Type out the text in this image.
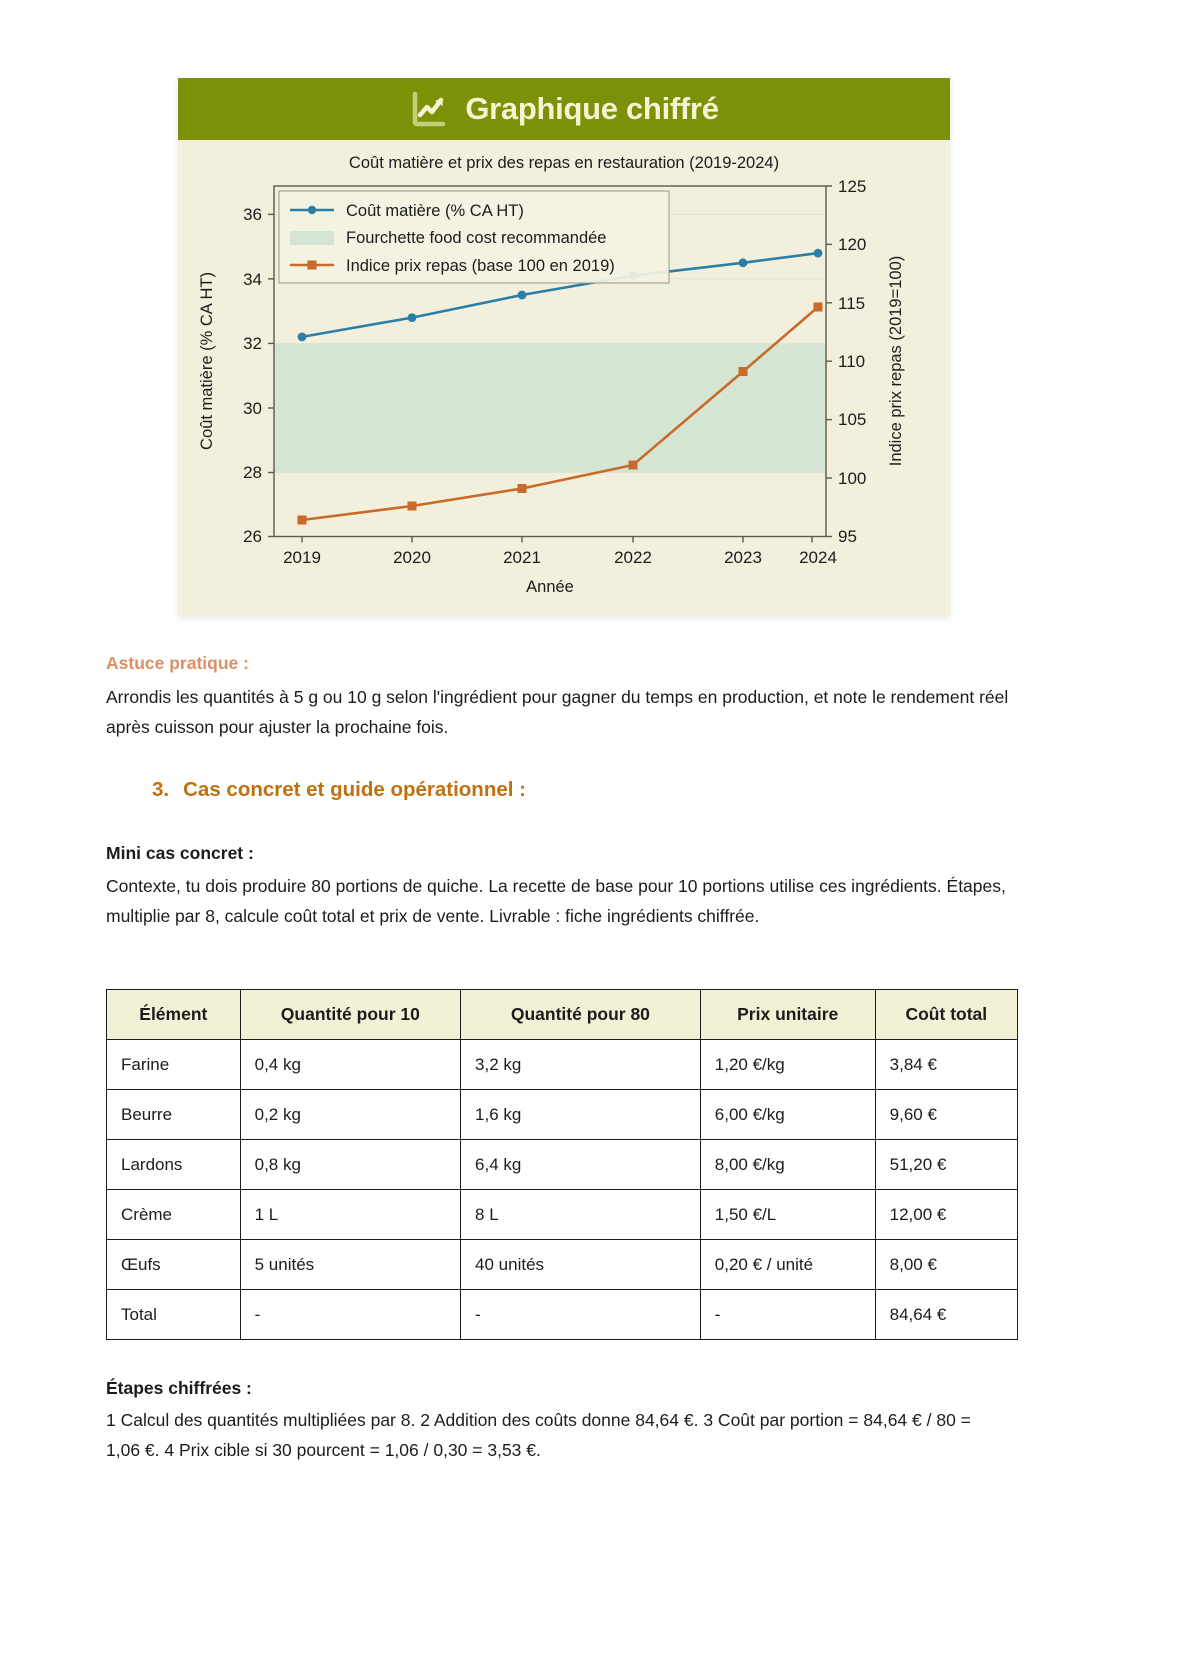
Graphique chiffré
Coût matière et prix des repas en restauration (2019-2024)
26
28
30
32
34
36
Coût matière (% CA HT)
95
100
105
110
115
120
125
Indice prix repas (2019=100)
2019	2020	2021	2022	2023 2024
Année
Coût matière (% CA HT)
Fourchette food cost recommandée
Indice prix repas (base 100 en 2019)
Astuce pratique :
Arrondis les quantités à 5 g ou 10 g selon l'ingrédient pour gagner du temps en production, et note le rendement réel après cuisson pour ajuster la prochaine fois.
3. Cas concret et guide opérationnel :
Mini cas concret :
Contexte, tu dois produire 80 portions de quiche. La recette de base pour 10 portions utilise ces ingrédients. Étapes, multiplie par 8, calcule coût total et prix de vente. Livrable : fiche ingrédients chiffrée.
Élément	Quantité pour 10	Quantité pour 80	Prix unitaire	Coût total
Farine	0,4 kg	3,2 kg	1,20 €/kg	3,84 €
Beurre	0,2 kg	1,6 kg	6,00 €/kg	9,60 €
Lardons	0,8 kg	6,4 kg	8,00 €/kg	51,20 €
Crème	1 L	8 L	1,50 €/L	12,00 €
Œufs	5 unités	40 unités	0,20 € / unité	8,00 €
Total	-	-	-	84,64 €
Étapes chiffrées :
1 Calcul des quantités multipliées par 8. 2 Addition des coûts donne 84,64 €. 3 Coût par portion = 84,64 € / 80 = 1,06 €. 4 Prix cible si 30 pourcent = 1,06 / 0,30 = 3,53 €.
